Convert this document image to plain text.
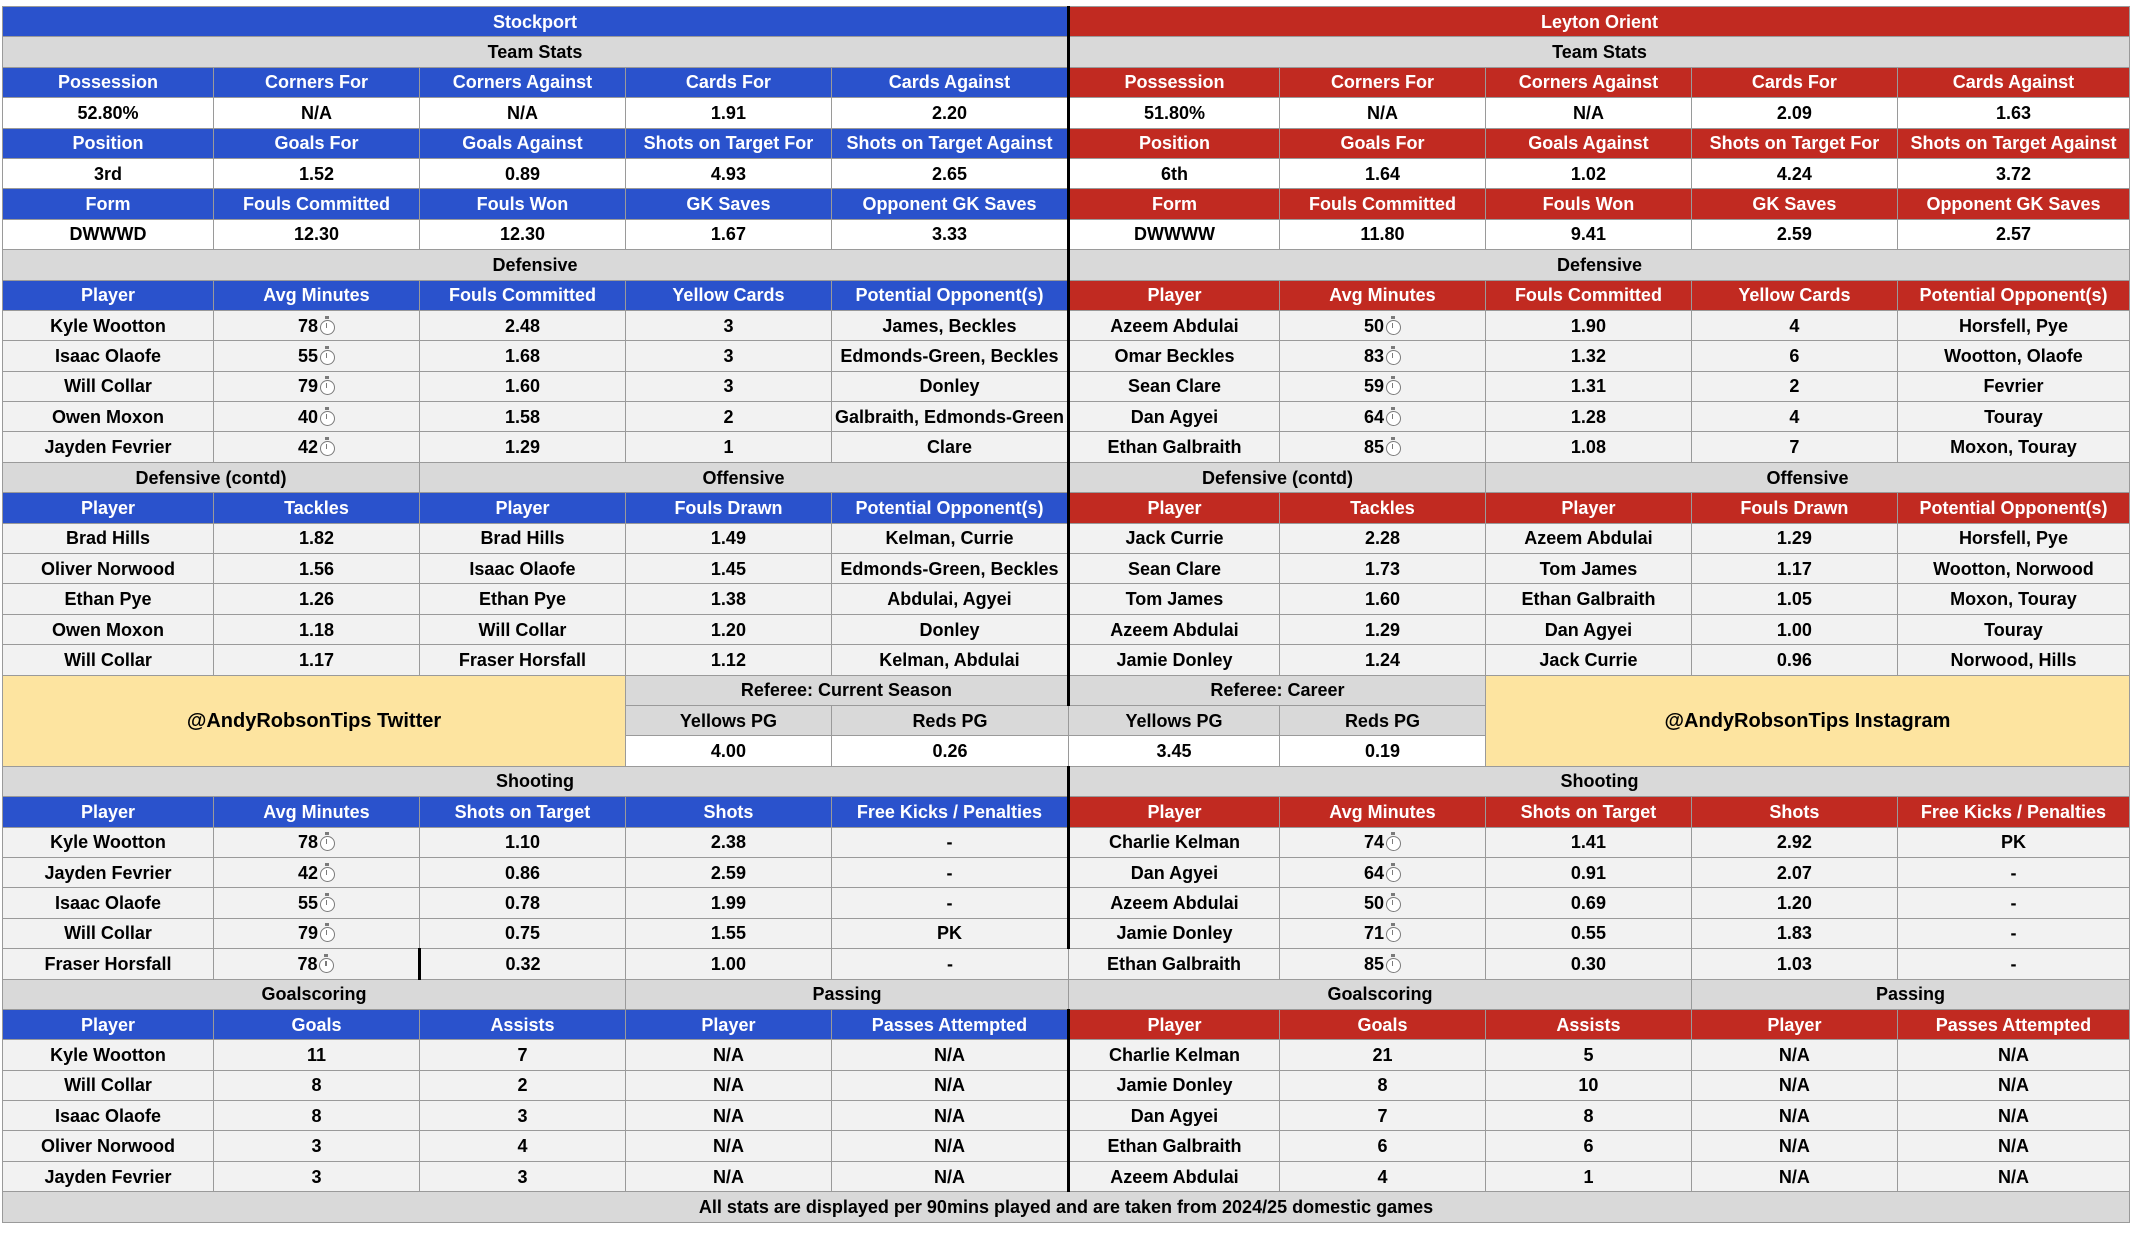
Stockport					Leyton Orient				
Team Stats					Team Stats				
Possession	Corners For	Corners Against	Cards For	Cards Against	Possession	Corners For	Corners Against	Cards For	Cards Against
52.80%	N/A	N/A	1.91	2.20	51.80%	N/A	N/A	2.09	1.63
Position	Goals For	Goals Against	Shots on Target For	Shots on Target Against	Position	Goals For	Goals Against	Shots on Target For	Shots on Target Against
3rd	1.52	0.89	4.93	2.65	6th	1.64	1.02	4.24	3.72
Form	Fouls Committed	Fouls Won	GK Saves	Opponent GK Saves	Form	Fouls Committed	Fouls Won	GK Saves	Opponent GK Saves
DWWWD	12.30	12.30	1.67	3.33	DWWWW	11.80	9.41	2.59	2.57
Defensive					Defensive				
Player	Avg Minutes	Fouls Committed	Yellow Cards	Potential Opponent(s)	Player	Avg Minutes	Fouls Committed	Yellow Cards	Potential Opponent(s)
Kyle Wootton	78	2.48	3	James, Beckles	Azeem Abdulai	50	1.90	4	Horsfell, Pye
Isaac Olaofe	55	1.68	3	Edmonds-Green, Beckles	Omar Beckles	83	1.32	6	Wootton, Olaofe
Will Collar	79	1.60	3	Donley	Sean Clare	59	1.31	2	Fevrier
Owen Moxon	40	1.58	2	Galbraith, Edmonds-Green	Dan Agyei	64	1.28	4	Touray
Jayden Fevrier	42	1.29	1	Clare	Ethan Galbraith	85	1.08	7	Moxon, Touray
Defensive (contd)		Offensive			Defensive (contd)		Offensive		
Player	Tackles	Player	Fouls Drawn	Potential Opponent(s)	Player	Tackles	Player	Fouls Drawn	Potential Opponent(s)
Brad Hills	1.82	Brad Hills	1.49	Kelman, Currie	Jack Currie	2.28	Azeem Abdulai	1.29	Horsfell, Pye
Oliver Norwood	1.56	Isaac Olaofe	1.45	Edmonds-Green, Beckles	Sean Clare	1.73	Tom James	1.17	Wootton, Norwood
Ethan Pye	1.26	Ethan Pye	1.38	Abdulai, Agyei	Tom James	1.60	Ethan Galbraith	1.05	Moxon, Touray
Owen Moxon	1.18	Will Collar	1.20	Donley	Azeem Abdulai	1.29	Dan Agyei	1.00	Touray
Will Collar	1.17	Fraser Horsfall	1.12	Kelman, Abdulai	Jamie Donley	1.24	Jack Currie	0.96	Norwood, Hills
@AndyRobsonTips Twitter			Referee: Current Season		Referee: Career		@AndyRobsonTips Instagram		
			Yellows PG	Reds PG	Yellows PG	Reds PG			
			4.00	0.26	3.45	0.19			
Shooting					Shooting				
Player	Avg Minutes	Shots on Target	Shots	Free Kicks / Penalties	Player	Avg Minutes	Shots on Target	Shots	Free Kicks / Penalties
Kyle Wootton	78	1.10	2.38	-	Charlie Kelman	74	1.41	2.92	PK
Jayden Fevrier	42	0.86	2.59	-	Dan Agyei	64	0.91	2.07	-
Isaac Olaofe	55	0.78	1.99	-	Azeem Abdulai	50	0.69	1.20	-
Will Collar	79	0.75	1.55	PK	Jamie Donley	71	0.55	1.83	-
Fraser Horsfall	78	0.32	1.00	-	Ethan Galbraith	85	0.30	1.03	-
Goalscoring			Passing		Goalscoring			Passing	
Player	Goals	Assists	Player	Passes Attempted	Player	Goals	Assists	Player	Passes Attempted
Kyle Wootton	11	7	N/A	N/A	Charlie Kelman	21	5	N/A	N/A
Will Collar	8	2	N/A	N/A	Jamie Donley	8	10	N/A	N/A
Isaac Olaofe	8	3	N/A	N/A	Dan Agyei	7	8	N/A	N/A
Oliver Norwood	3	4	N/A	N/A	Ethan Galbraith	6	6	N/A	N/A
Jayden Fevrier	3	3	N/A	N/A	Azeem Abdulai	4	1	N/A	N/A
All stats are displayed per 90mins played and are taken from 2024/25 domestic games									
